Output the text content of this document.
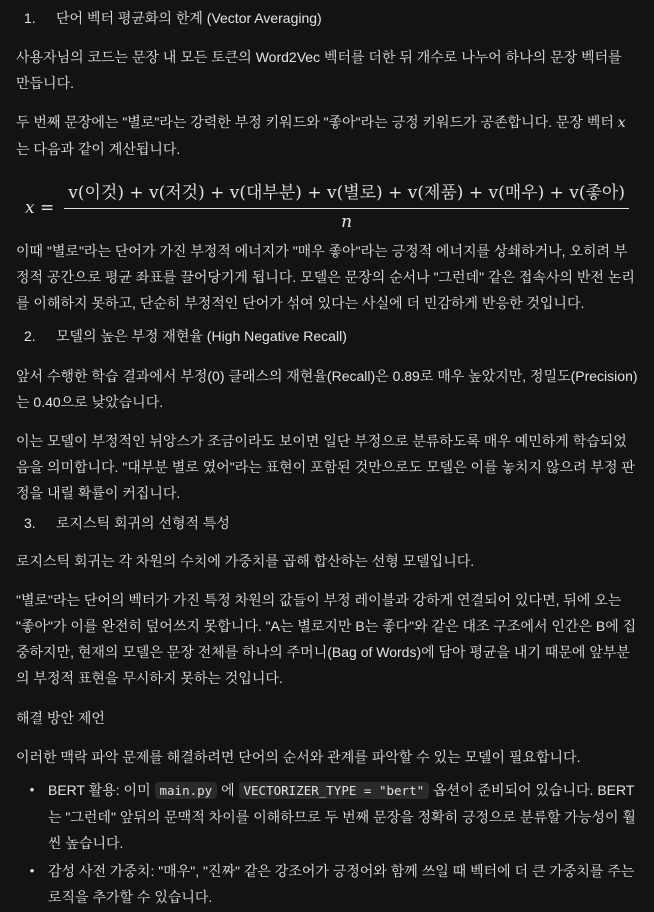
1.	단어 벡터 평균화의 한계 (Vector Averaging)

사용자님의 코드는 문장 내 모든 토큰의 Word2Vec 벡터를 더한 뒤 개수로 나누어 하나의 문장 벡터를 만듭니다.

두 번째 문장에는 "별로"라는 강력한 부정 키워드와 "좋아"라는 긍정 키워드가 공존합니다. 문장 벡터 x는 다음과 같이 계산됩니다.

$x = \frac{\text{v(이것) + v(저것) + v(대부분) + v(별로) + v(제품) + v(매우) + v(좋아)}}{n}$

이때 "별로"라는 단어가 가진 부정적 에너지가 "매우 좋아"라는 긍정적 에너지를 상쇄하거나, 오히려 부정적 공간으로 평균 좌표를 끌어당기게 됩니다. 모델은 문장의 순서나 "그런데" 같은 접속사의 반전 논리를 이해하지 못하고, 단순히 부정적인 단어가 섞여 있다는 사실에 더 민감하게 반응한 것입니다.

2.	모델의 높은 부정 재현율 (High Negative Recall)

앞서 수행한 학습 결과에서 부정(0) 클래스의 재현율(Recall)은 0.89로 매우 높았지만, 정밀도(Precision)는 0.40으로 낮았습니다.

이는 모델이 부정적인 뉘앙스가 조금이라도 보이면 일단 부정으로 분류하도록 매우 예민하게 학습되었음을 의미합니다. "대부분 별로 였어"라는 표현이 포함된 것만으로도 모델은 이를 놓치지 않으려 부정 판정을 내릴 확률이 커집니다.

3.	로지스틱 회귀의 선형적 특성

로지스틱 회귀는 각 차원의 수치에 가중치를 곱해 합산하는 선형 모델입니다.

"별로"라는 단어의 벡터가 가진 특정 차원의 값들이 부정 레이블과 강하게 연결되어 있다면, 뒤에 오는 "좋아"가 이를 완전히 덮어쓰지 못합니다. "A는 별로지만 B는 좋다"와 같은 대조 구조에서 인간은 B에 집중하지만, 현재의 모델은 문장 전체를 하나의 주머니(Bag of Words)에 담아 평균을 내기 때문에 앞부분의 부정적 표현을 무시하지 못하는 것입니다.

해결 방안 제언

이러한 맥락 파악 문제를 해결하려면 단어의 순서와 관계를 파악할 수 있는 모델이 필요합니다.

• BERT 활용: 이미 main.py 에 VECTORIZER_TYPE = "bert" 옵션이 준비되어 있습니다. BERT는 "그런데" 앞뒤의 문맥적 차이를 이해하므로 두 번째 문장을 정확히 긍정으로 분류할 가능성이 훨씬 높습니다.
• 감성 사전 가중치: "매우", "진짜" 같은 강조어가 긍정어와 함께 쓰일 때 벡터에 더 큰 가중치를 주는 로직을 추가할 수 있습니다.
